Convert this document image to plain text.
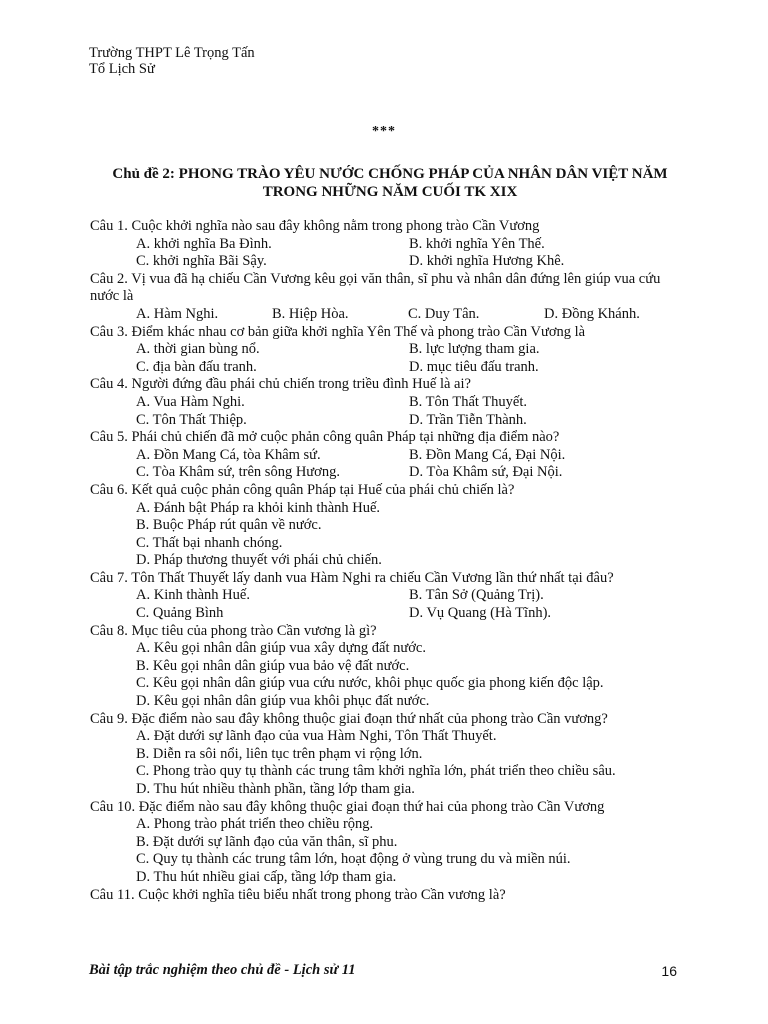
Trường THPT Lê Trọng Tấn
Tổ Lịch Sử
***
Chủ đề 2: PHONG TRÀO YÊU NƯỚC CHỐNG PHÁP CỦA NHÂN DÂN VIỆT NĂM
TRONG NHỮNG NĂM CUỐI TK XIX
Câu 1. Cuộc khởi nghĩa nào sau đây không nằm trong phong trào Cần Vương
A. khởi nghĩa Ba Đình.	B. khởi nghĩa Yên Thế.
C. khởi nghĩa Bãi Sậy.	D. khởi nghĩa Hương Khê.
Câu 2. Vị vua đã hạ chiếu Cần Vương kêu gọi văn thân, sĩ phu và nhân dân đứng lên giúp vua cứu nước là
A. Hàm Nghi.	B. Hiệp Hòa.	C. Duy Tân.	D. Đồng Khánh.
Câu 3. Điểm khác nhau cơ bản giữa khởi nghĩa Yên Thế và phong trào Cần Vương là
A. thời gian bùng nổ.	B. lực lượng tham gia.
C. địa bàn đấu tranh.	D. mục tiêu đấu tranh.
Câu 4. Người đứng đầu phái chủ chiến trong triều đình Huế là ai?
A. Vua Hàm Nghi.	B. Tôn Thất Thuyết.
C. Tôn Thất Thiệp.	D. Trần Tiễn Thành.
Câu 5. Phái chủ chiến đã mở cuộc phản công quân Pháp tại những địa điểm nào?
A. Đồn Mang Cá, tòa Khâm sứ.	B. Đồn Mang Cá, Đại Nội.
C. Tòa Khâm sứ, trên sông Hương.	D. Tòa Khâm sứ, Đại Nội.
Câu 6. Kết quả cuộc phản công quân Pháp tại Huế của phái chủ chiến là?
A. Đánh bật Pháp ra khỏi kinh thành Huế.
B. Buộc Pháp rút quân về nước.
C. Thất bại nhanh chóng.
D. Pháp thương thuyết với phái chủ chiến.
Câu 7. Tôn Thất Thuyết lấy danh vua Hàm Nghi ra chiếu Cần Vương lần thứ nhất tại đâu?
A. Kinh thành Huế.	B. Tân Sở (Quảng Trị).
C. Quảng Bình	D. Vụ Quang (Hà Tĩnh).
Câu 8. Mục tiêu của phong trào Cần vương là gì?
A. Kêu gọi nhân dân giúp vua xây dựng đất nước.
B. Kêu gọi nhân dân giúp vua bảo vệ đất nước.
C. Kêu gọi nhân dân giúp vua cứu nước, khôi phục quốc gia phong kiến độc lập.
D. Kêu gọi nhân dân giúp vua khôi phục đất nước.
Câu 9. Đặc điểm nào sau đây không thuộc giai đoạn thứ nhất của phong trào Cần vương?
A. Đặt dưới sự lãnh đạo của vua Hàm Nghi, Tôn Thất Thuyết.
B. Diễn ra sôi nổi, liên tục trên phạm vi rộng lớn.
C. Phong trào quy tụ thành các trung tâm khởi nghĩa lớn, phát triển theo chiều sâu.
D. Thu hút nhiều thành phần, tầng lớp tham gia.
Câu 10. Đặc điểm nào sau đây không thuộc giai đoạn thứ hai của phong trào Cần Vương
A. Phong trào phát triển theo chiều rộng.
B. Đặt dưới sự lãnh đạo của văn thân, sĩ phu.
C. Quy tụ thành các trung tâm lớn, hoạt động ở vùng trung du và miền núi.
D. Thu hút nhiều giai cấp, tầng lớp tham gia.
Câu 11. Cuộc khởi nghĩa tiêu biểu nhất trong phong trào Cần vương là?
Bài tập trắc nghiệm theo chủ đề - Lịch sử 11	16
